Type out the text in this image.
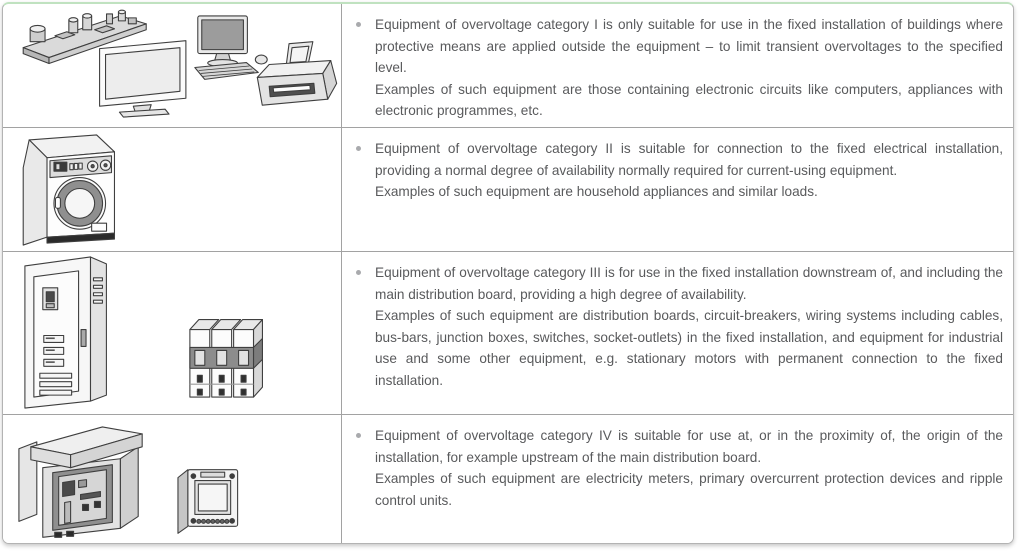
Equipment of overvoltage category I is only suitable for use in the fixed installation of buildings where protective means are applied outside the equipment – to limit transient overvoltages to the specified level.

Examples of such equipment are those containing electronic circuits like computers, appliances with electronic programmes, etc.

Equipment of overvoltage category II is suitable for connection to the fixed electrical installation, providing a normal degree of availability normally required for current-using equipment.

Examples of such equipment are household appliances and similar loads.

Equipment of overvoltage category III is for use in the fixed installation downstream of, and including the main distribution board, providing a high degree of availability.

Examples of such equipment are distribution boards, circuit-breakers, wiring systems including cables, bus-bars, junction boxes, switches, socket-outlets) in the fixed installation, and equipment for industrial use and some other equipment, e.g. stationary motors with permanent connection to the fixed installation.

Equipment of overvoltage category IV is suitable for use at, or in the proximity of, the origin of the installation, for example upstream of the main distribution board.

Examples of such equipment are electricity meters, primary overcurrent protection devices and ripple control units.
